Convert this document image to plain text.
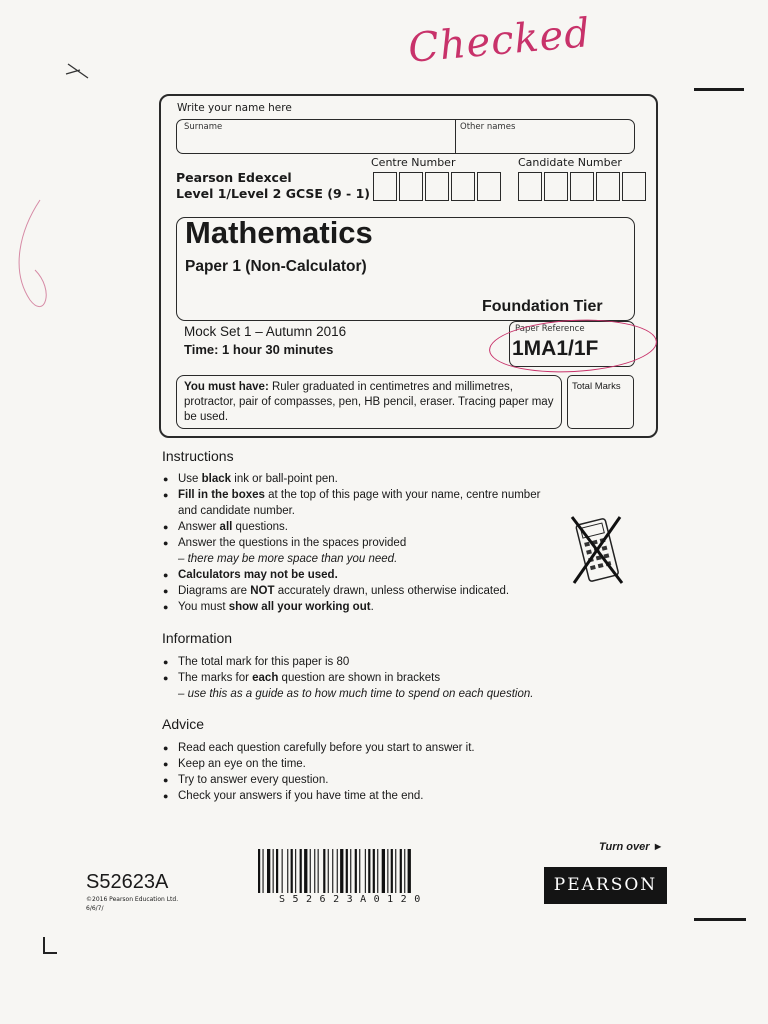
Checked
Write your name here
Surname	Other names
Centre Number	Candidate Number
Pearson Edexcel
Level 1/Level 2 GCSE (9 - 1)
Mathematics
Paper 1 (Non-Calculator)
Foundation Tier
Mock Set 1 – Autumn 2016
Time: 1 hour 30 minutes
Paper Reference
1MA1/1F
You must have: Ruler graduated in centimetres and millimetres, protractor, pair of compasses, pen, HB pencil, eraser. Tracing paper may be used.
Total Marks
Instructions
● Use black ink or ball-point pen.
● Fill in the boxes at the top of this page with your name, centre number and candidate number.
● Answer all questions.
● Answer the questions in the spaces provided
– there may be more space than you need.
● Calculators may not be used.
● Diagrams are NOT accurately drawn, unless otherwise indicated.
● You must show all your working out.
Information
● The total mark for this paper is 80
● The marks for each question are shown in brackets
– use this as a guide as to how much time to spend on each question.
Advice
● Read each question carefully before you start to answer it.
● Keep an eye on the time.
● Try to answer every question.
● Check your answers if you have time at the end.
Turn over ►
S52623A
©2016 Pearson Education Ltd.
6/6/7/
S52623A0120
PEARSON
